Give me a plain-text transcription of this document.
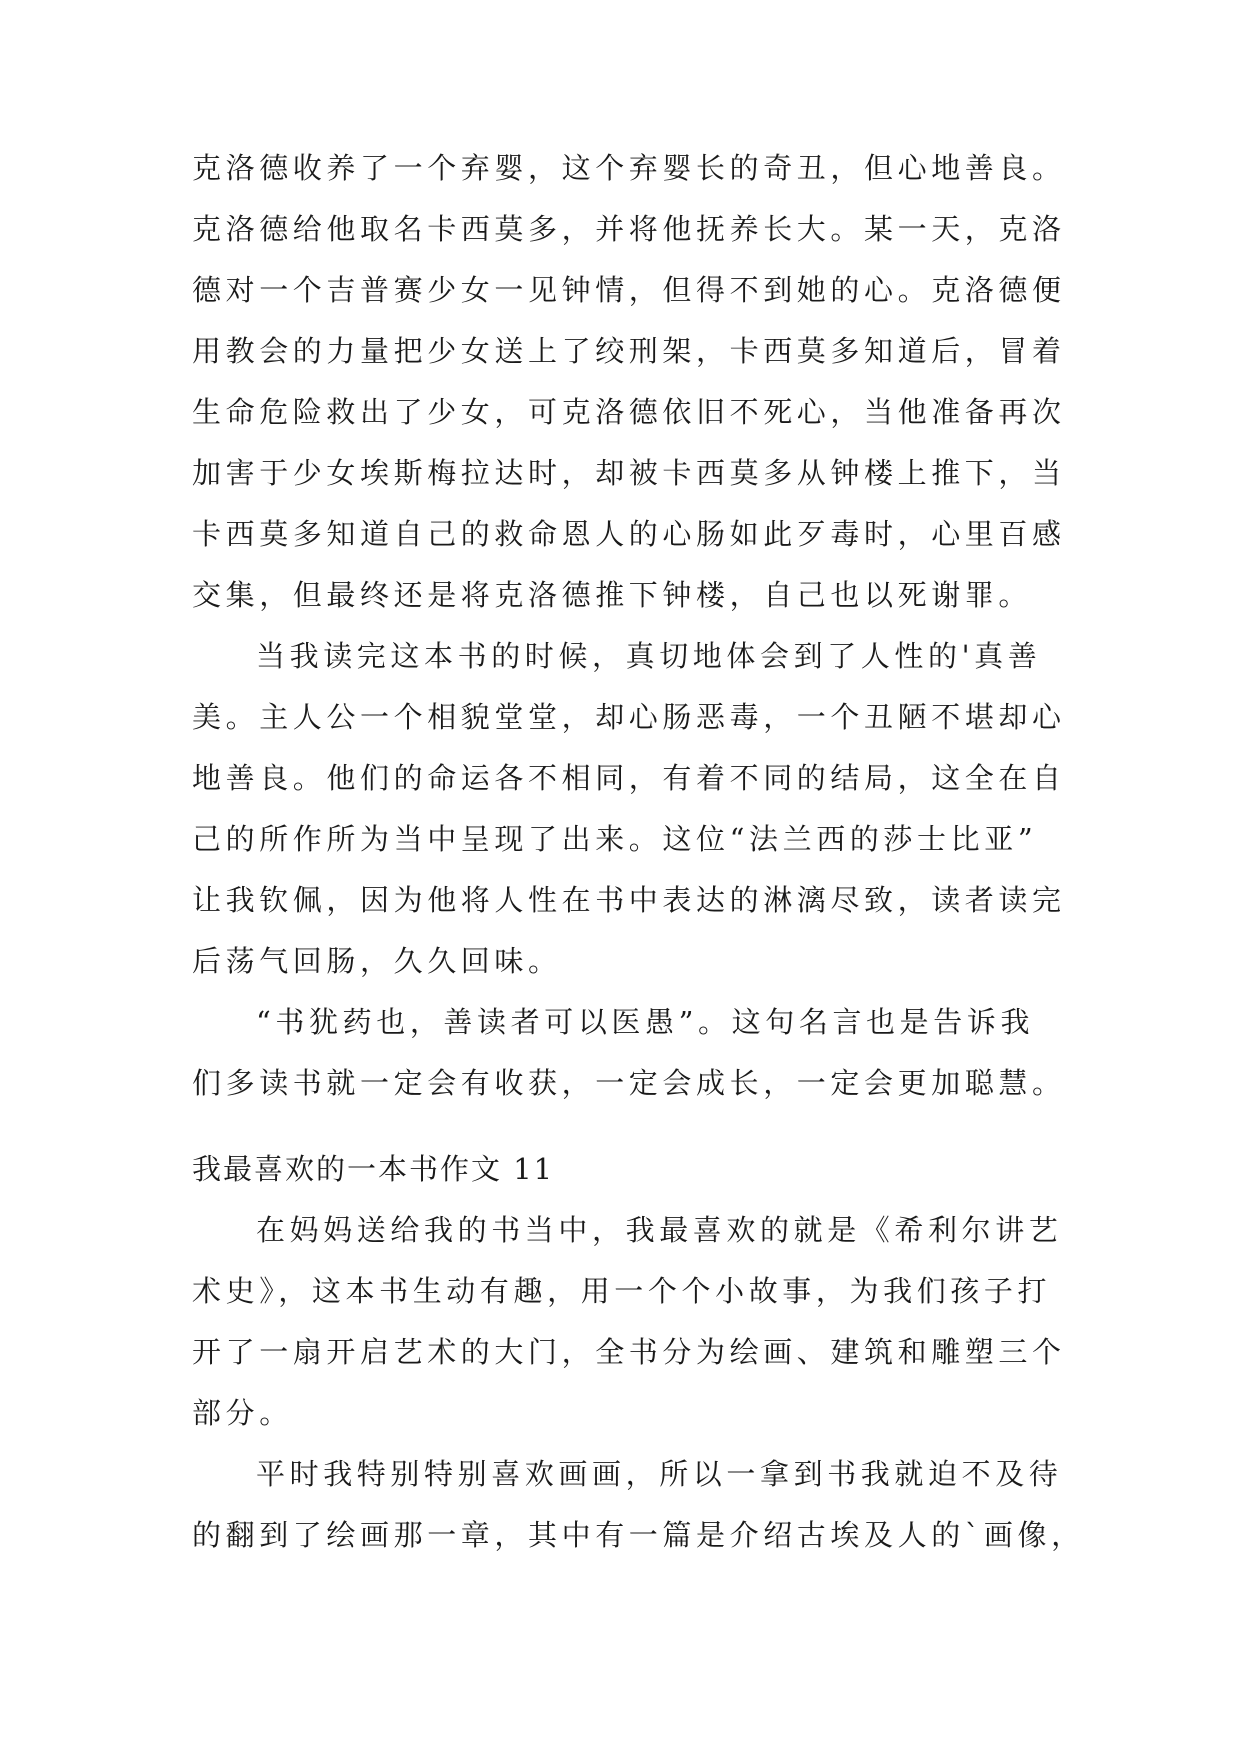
克洛德收养了一个弃婴，这个弃婴长的奇丑，但心地善良。
克洛德给他取名卡西莫多，并将他抚养长大。某一天，克洛
德对一个吉普赛少女一见钟情，但得不到她的心。克洛德便
用教会的力量把少女送上了绞刑架，卡西莫多知道后，冒着
生命危险救出了少女，可克洛德依旧不死心，当他准备再次
加害于少女埃斯梅拉达时，却被卡西莫多从钟楼上推下，当
卡西莫多知道自己的救命恩人的心肠如此歹毒时，心里百感
交集，但最终还是将克洛德推下钟楼，自己也以死谢罪。
当我读完这本书的时候，真切地体会到了人性的'真善
美。主人公一个相貌堂堂，却心肠恶毒，一个丑陋不堪却心
地善良。他们的命运各不相同，有着不同的结局，这全在自
己的所作所为当中呈现了出来。这位“法兰西的莎士比亚”
让我钦佩，因为他将人性在书中表达的淋漓尽致，读者读完
后荡气回肠，久久回味。
“书犹药也，善读者可以医愚”。这句名言也是告诉我
们多读书就一定会有收获，一定会成长，一定会更加聪慧。
我最喜欢的一本书作文 11
在妈妈送给我的书当中，我最喜欢的就是《希利尔讲艺
术史》，这本书生动有趣，用一个个小故事，为我们孩子打
开了一扇开启艺术的大门，全书分为绘画、建筑和雕塑三个
部分。
平时我特别特别喜欢画画，所以一拿到书我就迫不及待
的翻到了绘画那一章，其中有一篇是介绍古埃及人的`画像，
